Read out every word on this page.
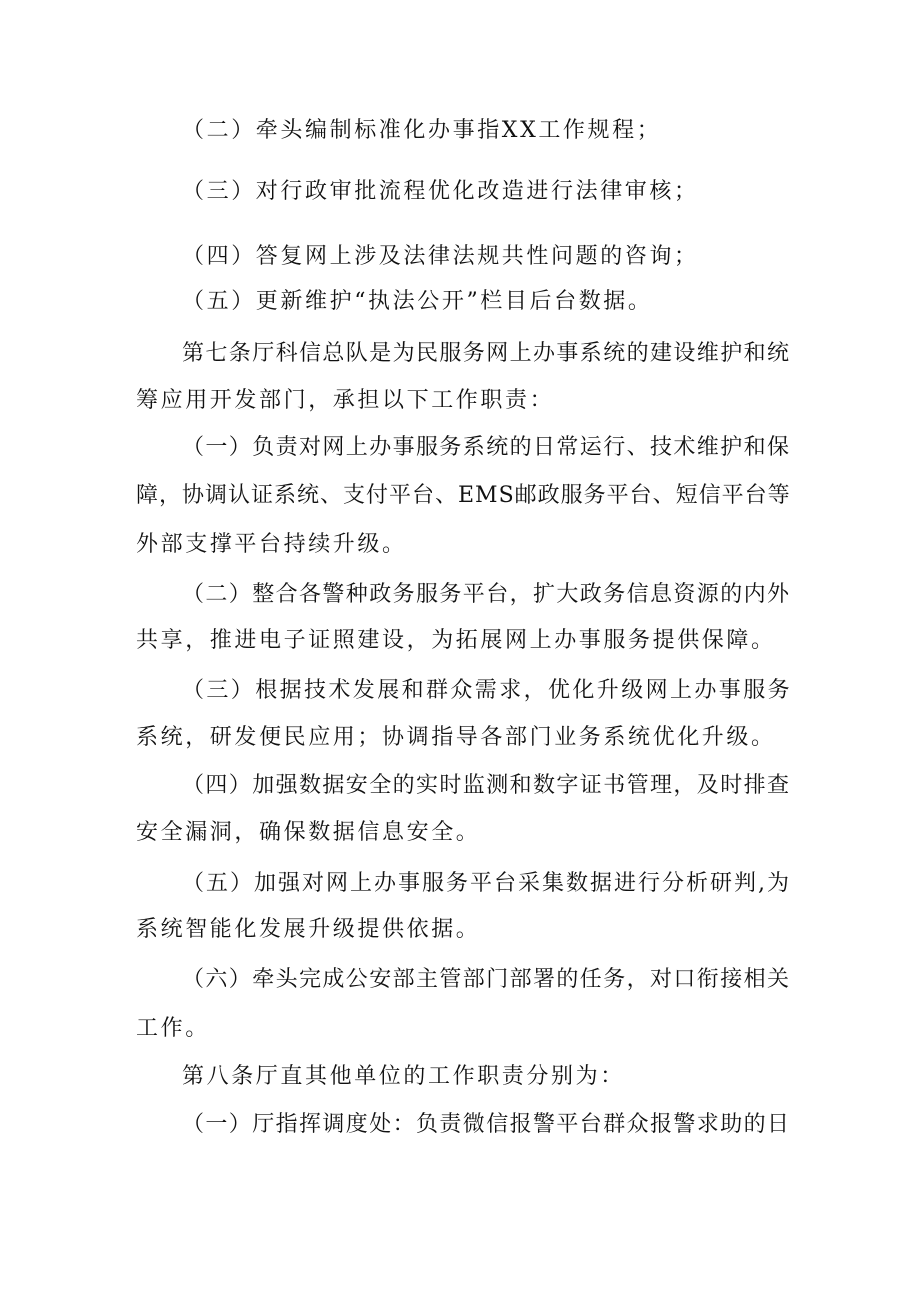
（二）牵头编制标准化办事指XX工作规程；
（三）对行政审批流程优化改造进行法律审核；
（四）答复网上涉及法律法规共性问题的咨询；
（五）更新维护“执法公开”栏目后台数据。
第七条厅科信总队是为民服务网上办事系统的建设维护和统
筹应用开发部门，承担以下工作职责：
（一）负责对网上办事服务系统的日常运行、技术维护和保
障，协调认证系统、支付平台、EMS邮政服务平台、短信平台等
外部支撑平台持续升级。
（二）整合各警种政务服务平台，扩大政务信息资源的内外
共享，推进电子证照建设，为拓展网上办事服务提供保障。
（三）根据技术发展和群众需求，优化升级网上办事服务
系统，研发便民应用；协调指导各部门业务系统优化升级。
（四）加强数据安全的实时监测和数字证书管理，及时排查
安全漏洞，确保数据信息安全。
（五）加强对网上办事服务平台采集数据进行分析研判,为
系统智能化发展升级提供依据。
（六）牵头完成公安部主管部门部署的任务，对口衔接相关
工作。
第八条厅直其他单位的工作职责分别为：
（一）厅指挥调度处：负责微信报警平台群众报警求助的日
